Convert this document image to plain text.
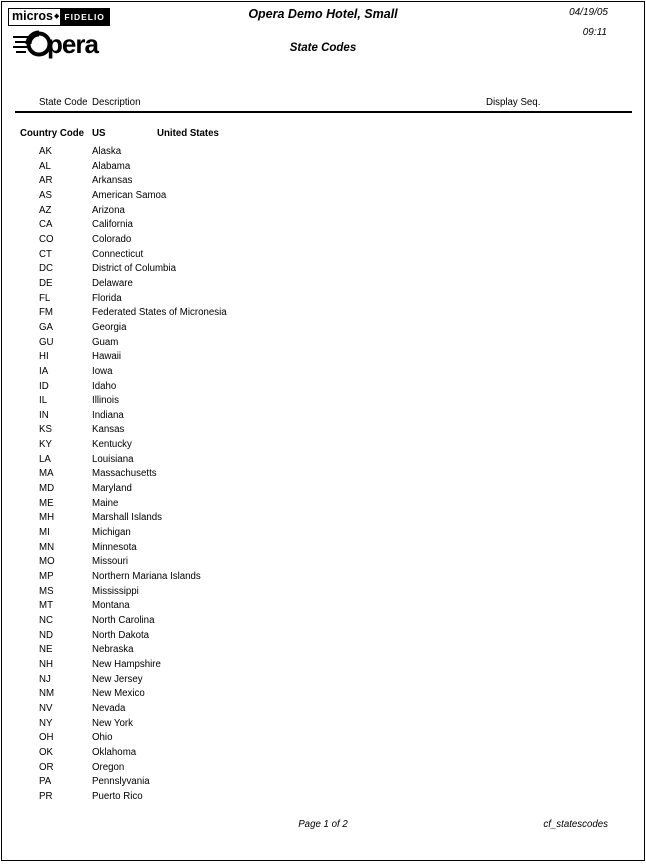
micros ◆ FIDELIO
pera
Opera Demo Hotel, Small
State Codes
04/19/05
09:11
State Code Description	Display Seq.
Country Code US	United States
AK	Alaska
AL	Alabama
AR	Arkansas
AS	American Samoa
AZ	Arizona
CA	California
CO	Colorado
CT	Connecticut
DC	District of Columbia
DE	Delaware
FL	Florida
FM	Federated States of Micronesia
GA	Georgia
GU	Guam
HI	Hawaii
IA	Iowa
ID	Idaho
IL	Illinois
IN	Indiana
KS	Kansas
KY	Kentucky
LA	Louisiana
MA	Massachusetts
MD	Maryland
ME	Maine
MH	Marshall Islands
MI	Michigan
MN	Minnesota
MO	Missouri
MP	Northern Mariana Islands
MS	Mississippi
MT	Montana
NC	North Carolina
ND	North Dakota
NE	Nebraska
NH	New Hampshire
NJ	New Jersey
NM	New Mexico
NV	Nevada
NY	New York
OH	Ohio
OK	Oklahoma
OR	Oregon
PA	Pennslyvania
PR	Puerto Rico
Page 1 of 2	cf_statescodes
